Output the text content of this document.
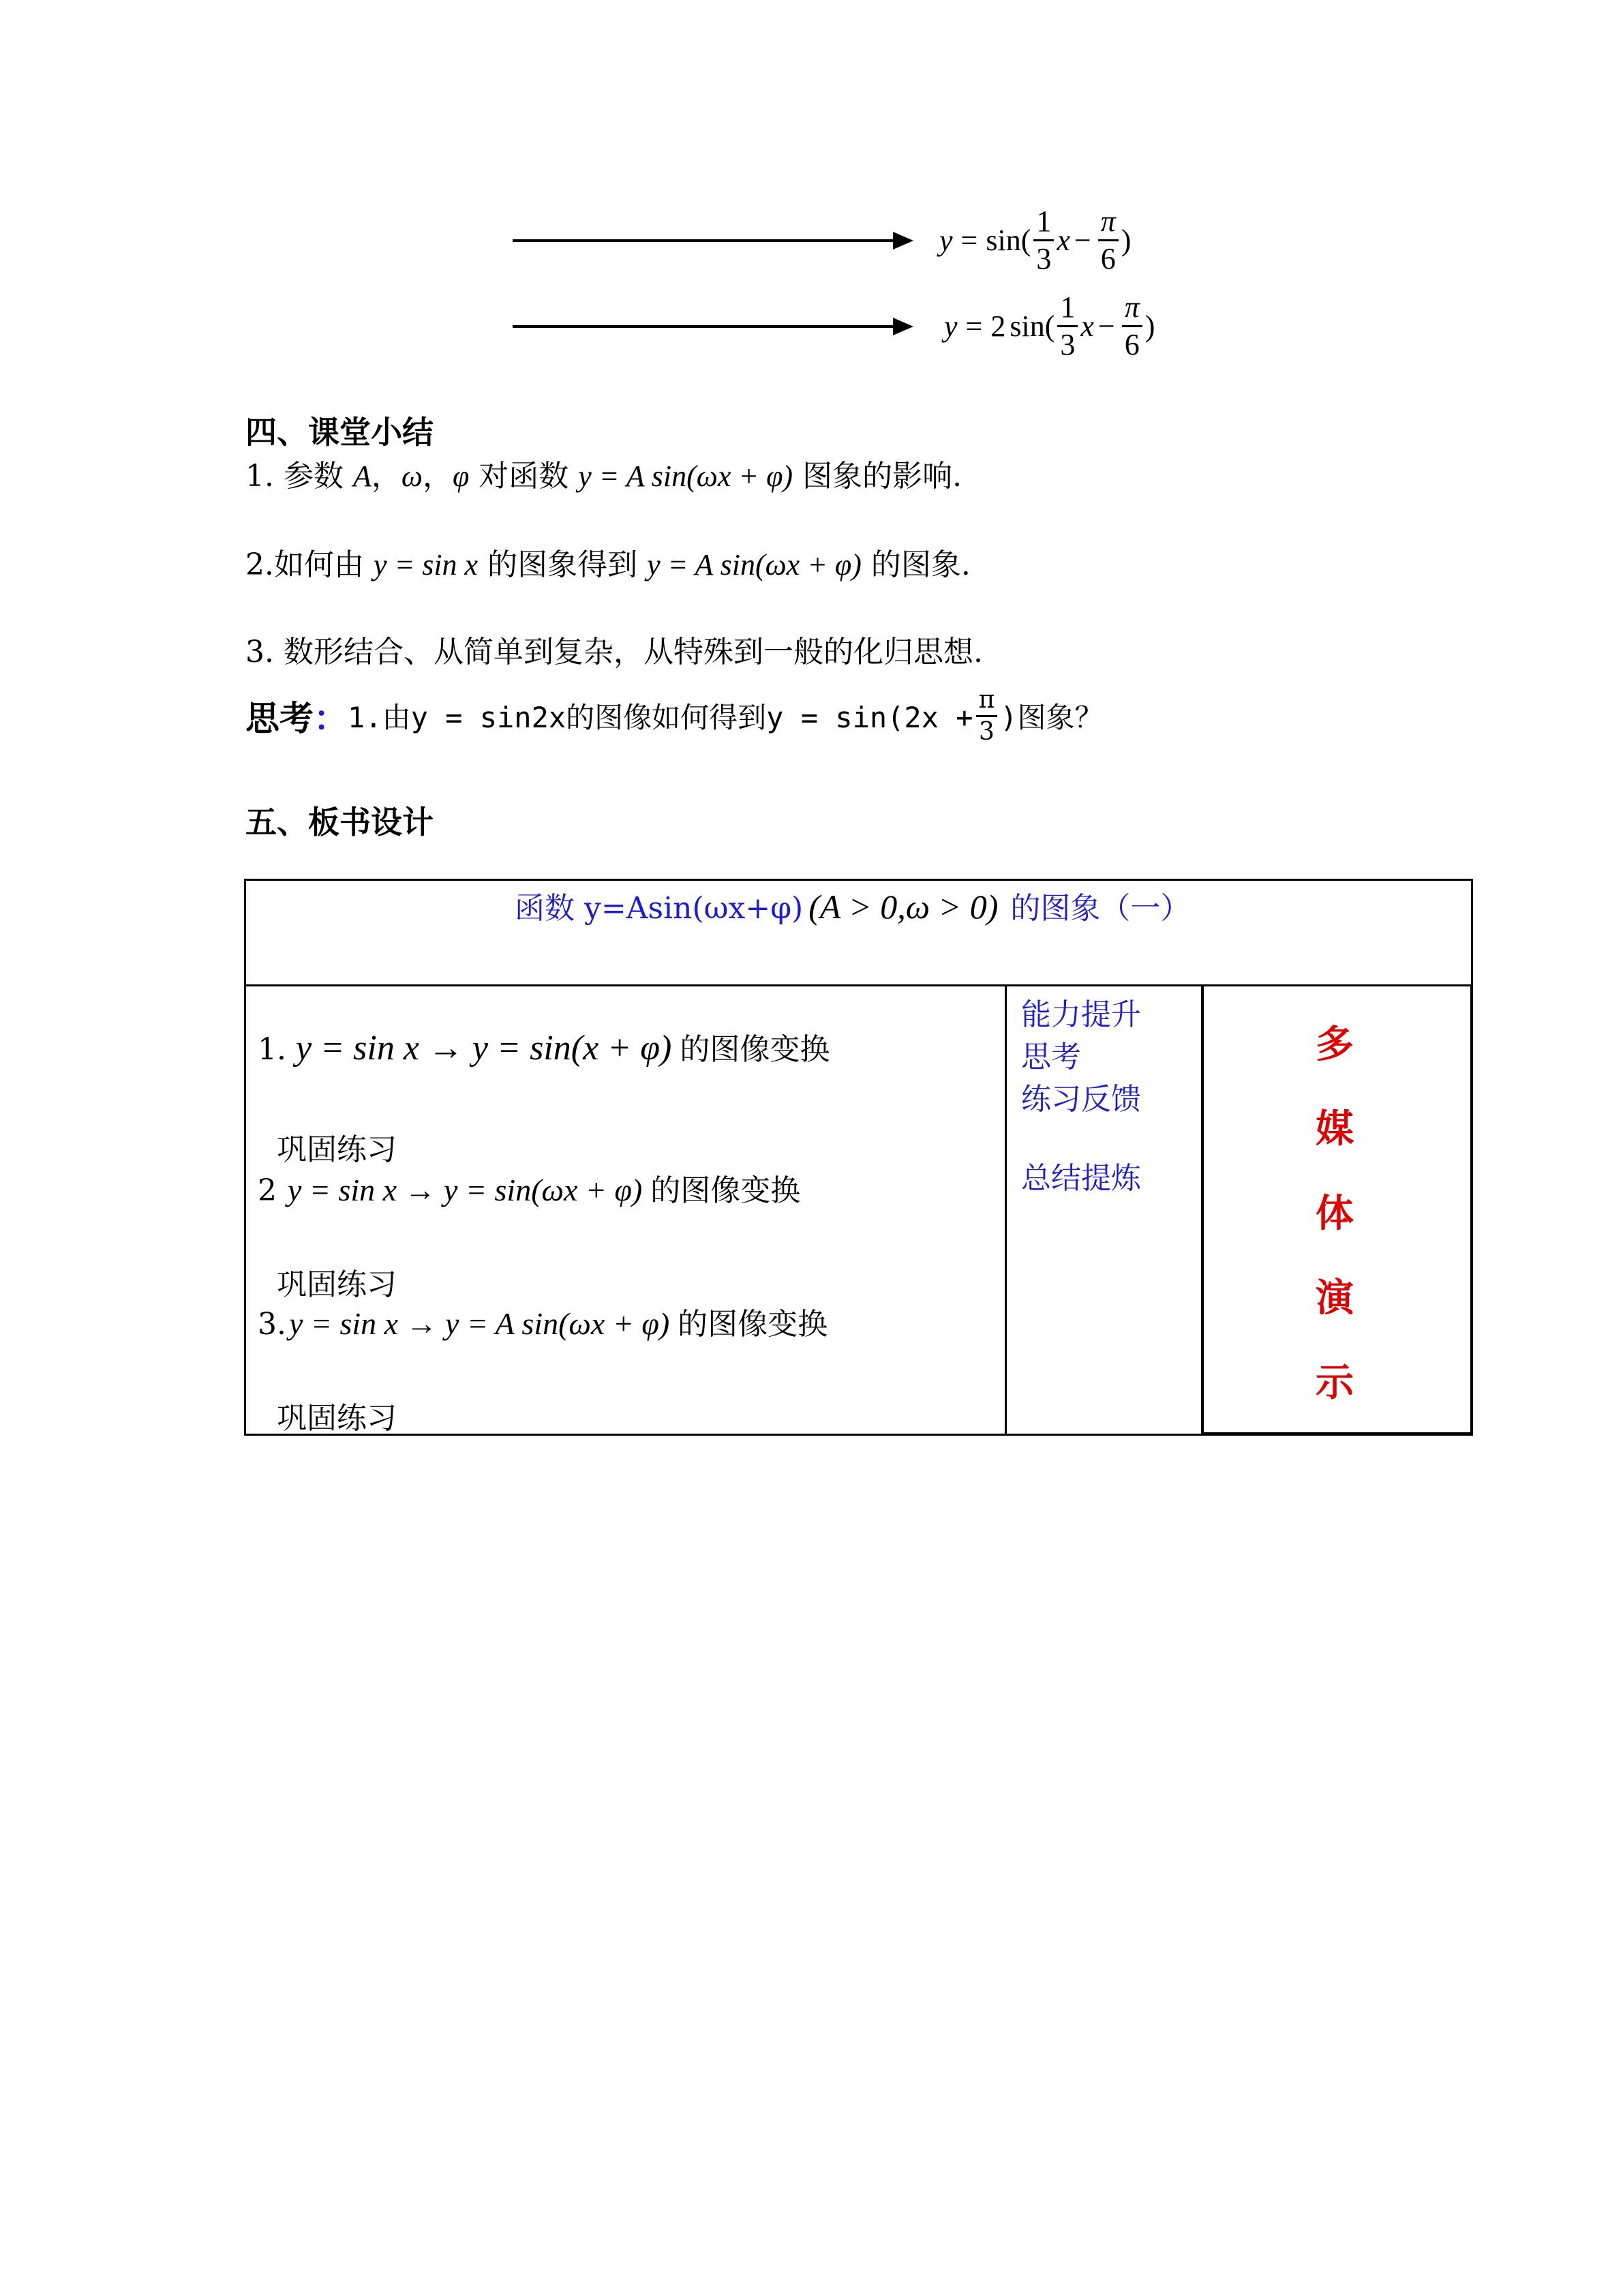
$y = \sin( \frac{1}{3}$ $x - \frac{\pi}{6}$ )
y = 2 $\sin( \frac{1}{3}$ $x - \frac{\pi}{6}$ )
四、课堂小结
1. 参数 A，ω，φ 对函数 y = A sin(ωx + φ) 图象的影响.
2.如何由 y = sin x 的图象得到 y = A sin(ωx + φ) 的图象.
3. 数形结合、从简单到复杂，从特殊到一般的化归思想.
思考 ： 1.由y = sin2x的图像如何得到$y = \sin(2x + \frac{\pi}{3}$ )图象？
五、板书设计
函数 y=Asin(ωx+φ) (A > 0,ω > 0) 的图象（一）
1. y = sin x → y = sin(x + φ) 的图像变换
巩固练习
2 y = sin x → y = sin(ωx + φ) 的图像变换
巩固练习
3. y = sin x → y = A sin(ωx + φ) 的图像变换
巩固练习
能力提升
思考
练习反馈
总结提炼
多
媒
体
演
示
